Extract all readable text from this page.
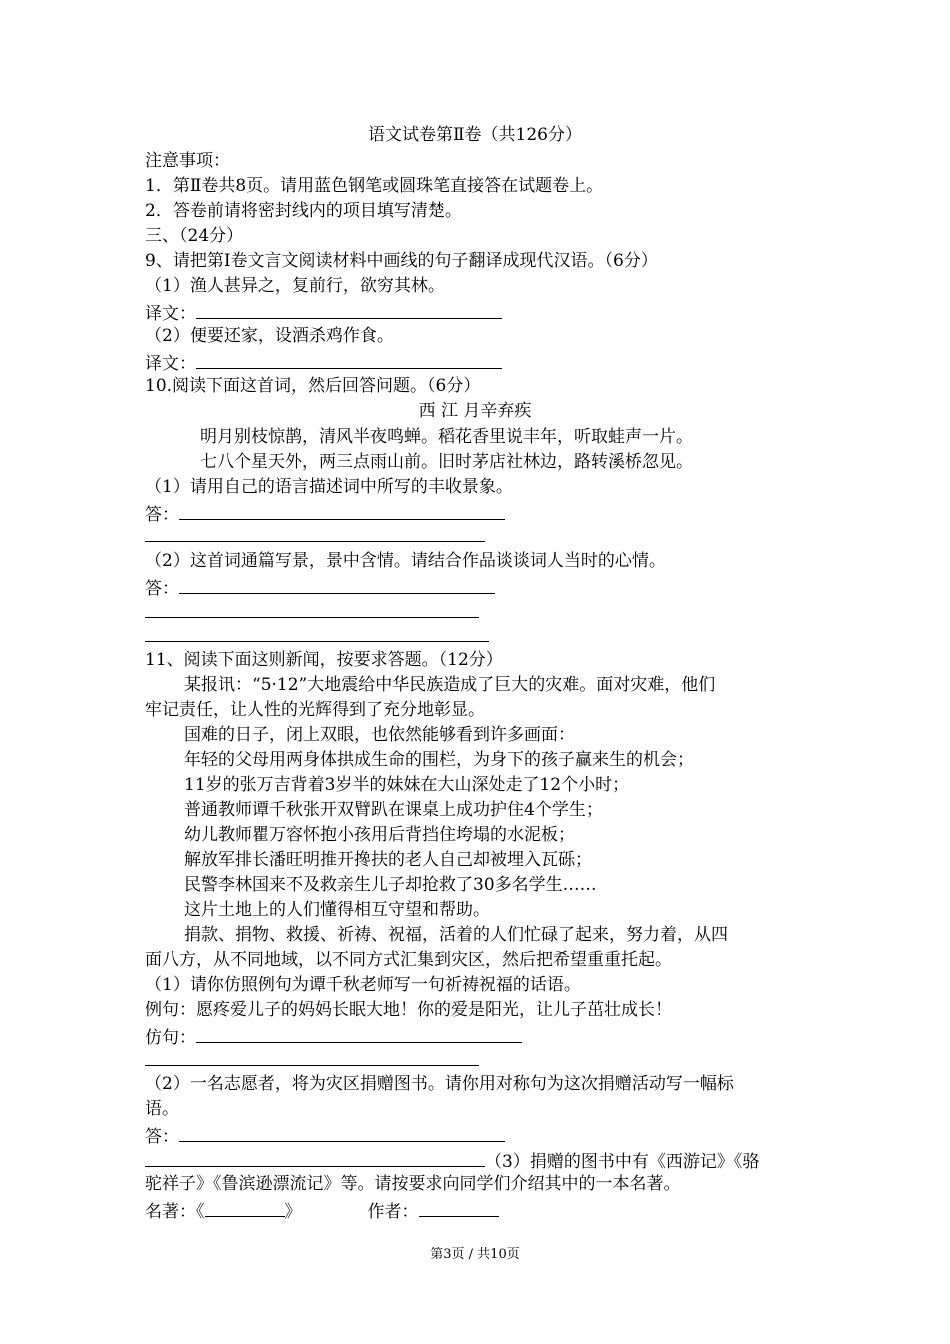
语文试卷第Ⅱ卷（共126分）
注意事项：
1．第Ⅱ卷共8页。请用蓝色钢笔或圆珠笔直接答在试题卷上。
2．答卷前请将密封线内的项目填写清楚。
三、（24分）
9、请把第Ⅰ卷文言文阅读材料中画线的句子翻译成现代汉语。（6分）
（1）渔人甚异之，复前行，欲穷其林。
译文：
（2）便要还家，设酒杀鸡作食。
译文：
10.阅读下面这首词，然后回答问题。（6分）
西 江 月辛弃疾
明月别枝惊鹊，清风半夜鸣蝉。稻花香里说丰年，听取蛙声一片。
七八个星天外，两三点雨山前。旧时茅店社林边，路转溪桥忽见。
（1）请用自己的语言描述词中所写的丰收景象。
答：
（2）这首词通篇写景，景中含情。请结合作品谈谈词人当时的心情。
答：
11、阅读下面这则新闻，按要求答题。（12分）
某报讯：“5·12”大地震给中华民族造成了巨大的灾难。面对灾难，他们
牢记责任，让人性的光辉得到了充分地彰显。
国难的日子，闭上双眼，也依然能够看到许多画面：
年轻的父母用两身体拱成生命的围栏，为身下的孩子赢来生的机会；
11岁的张万吉背着3岁半的妹妹在大山深处走了12个小时；
普通教师谭千秋张开双臂趴在课桌上成功护住4个学生；
幼儿教师瞿万容怀抱小孩用后背挡住垮塌的水泥板；
解放军排长潘旺明推开搀扶的老人自己却被埋入瓦砾；
民警李林国来不及救亲生儿子却抢救了30多名学生……
这片土地上的人们懂得相互守望和帮助。
捐款、捐物、救援、祈祷、祝福，活着的人们忙碌了起来，努力着，从四
面八方，从不同地域，以不同方式汇集到灾区，然后把希望重重托起。
（1）请你仿照例句为谭千秋老师写一句祈祷祝福的话语。
例句：愿疼爱儿子的妈妈长眠大地！你的爱是阳光，让儿子茁壮成长！
仿句：
（2）一名志愿者，将为灾区捐赠图书。请你用对称句为这次捐赠活动写一幅标
语。
答：
（3）捐赠的图书中有《西游记》《骆
驼祥子》《鲁滨逊漂流记》等。请按要求向同学们介绍其中的一本名著。
名著：《	》	作者：
第3页 / 共10页
